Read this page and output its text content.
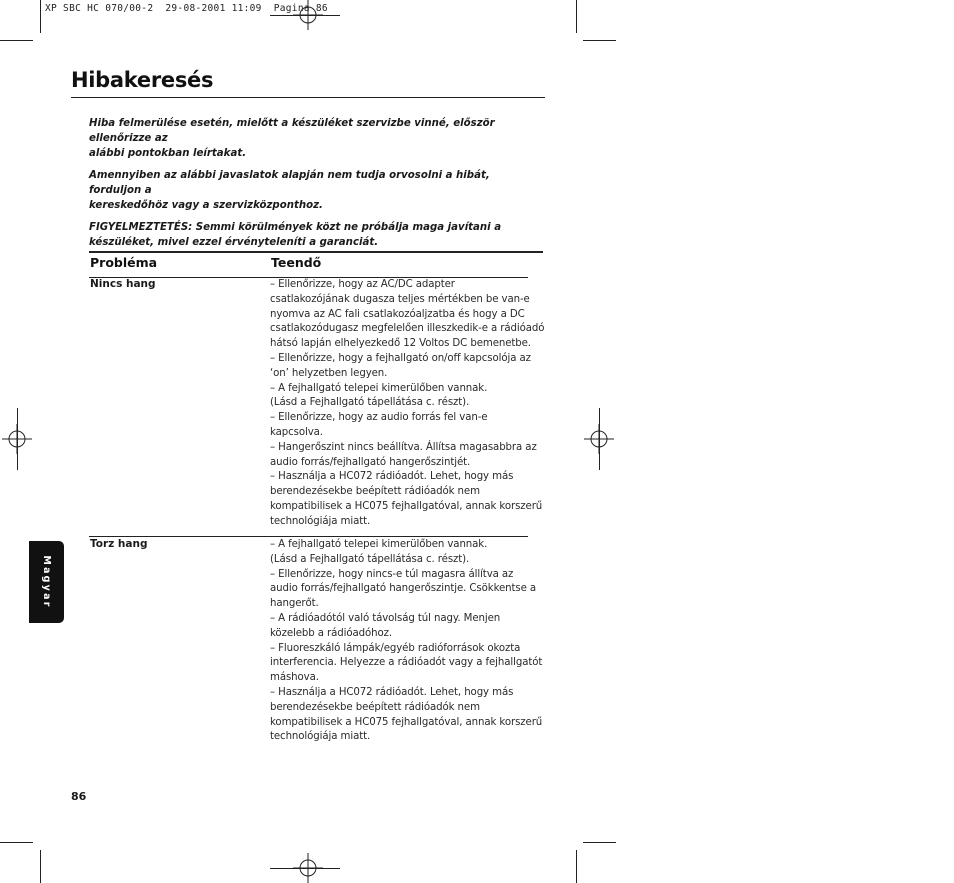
XP SBC HC 070/00-2  29-08-2001 11:09  Pagina 86
Hibakeresés

Hiba felmerülése esetén, mielőtt a készüléket szervizbe vinné, először ellenőrizze az
alábbi pontokban leírtakat.

Amennyiben az alábbi javaslatok alapján nem tudja orvosolni a hibát, forduljon a
kereskedőhöz vagy a szervizközponthoz.

FIGYELMEZTETÉS: Semmi körülmények közt ne próbálja maga javítani a
készüléket, mivel ezzel érvényteleníti a garanciát.

Probléma	Teendő
Nincs hang	– Ellenőrizze, hogy az AC/DC adapter
csatlakozójának dugasza teljes mértékben be van-e
nyomva az AC fali csatlakozóaljzatba és hogy a DC
csatlakozódugasz megfelelően illeszkedik-e a rádióadó
hátsó lapján elhelyezkedő 12 Voltos DC bemenetbe.
– Ellenőrizze, hogy a fejhallgató on/off kapcsolója az
‘on’ helyzetben legyen.
– A fejhallgató telepei kimerülőben vannak.
(Lásd a Fejhallgató tápellátása c. részt).
– Ellenőrizze, hogy az audio forrás fel van-e
kapcsolva.
– Hangerőszint nincs beállítva. Állítsa magasabbra az
audio forrás/fejhallgató hangerőszintjét.
– Használja a HC072 rádióadót. Lehet, hogy más
berendezésekbe beépített rádióadók nem
kompatibilisek a HC075 fejhallgatóval, annak korszerű
technológiája miatt.
Torz hang	– A fejhallgató telepei kimerülőben vannak.
(Lásd a Fejhallgató tápellátása c. részt).
– Ellenőrizze, hogy nincs-e túl magasra állítva az
audio forrás/fejhallgató hangerőszintje. Csökkentse a
hangerőt.
– A rádióadótól való távolság túl nagy. Menjen
közelebb a rádióadóhoz.
– Fluoreszkáló lámpák/egyéb radióforrások okozta
interferencia. Helyezze a rádióadót vagy a fejhallgatót
máshova.
– Használja a HC072 rádióadót. Lehet, hogy más
berendezésekbe beépített rádióadók nem
kompatibilisek a HC075 fejhallgatóval, annak korszerű
technológiája miatt.
Magyar
86
